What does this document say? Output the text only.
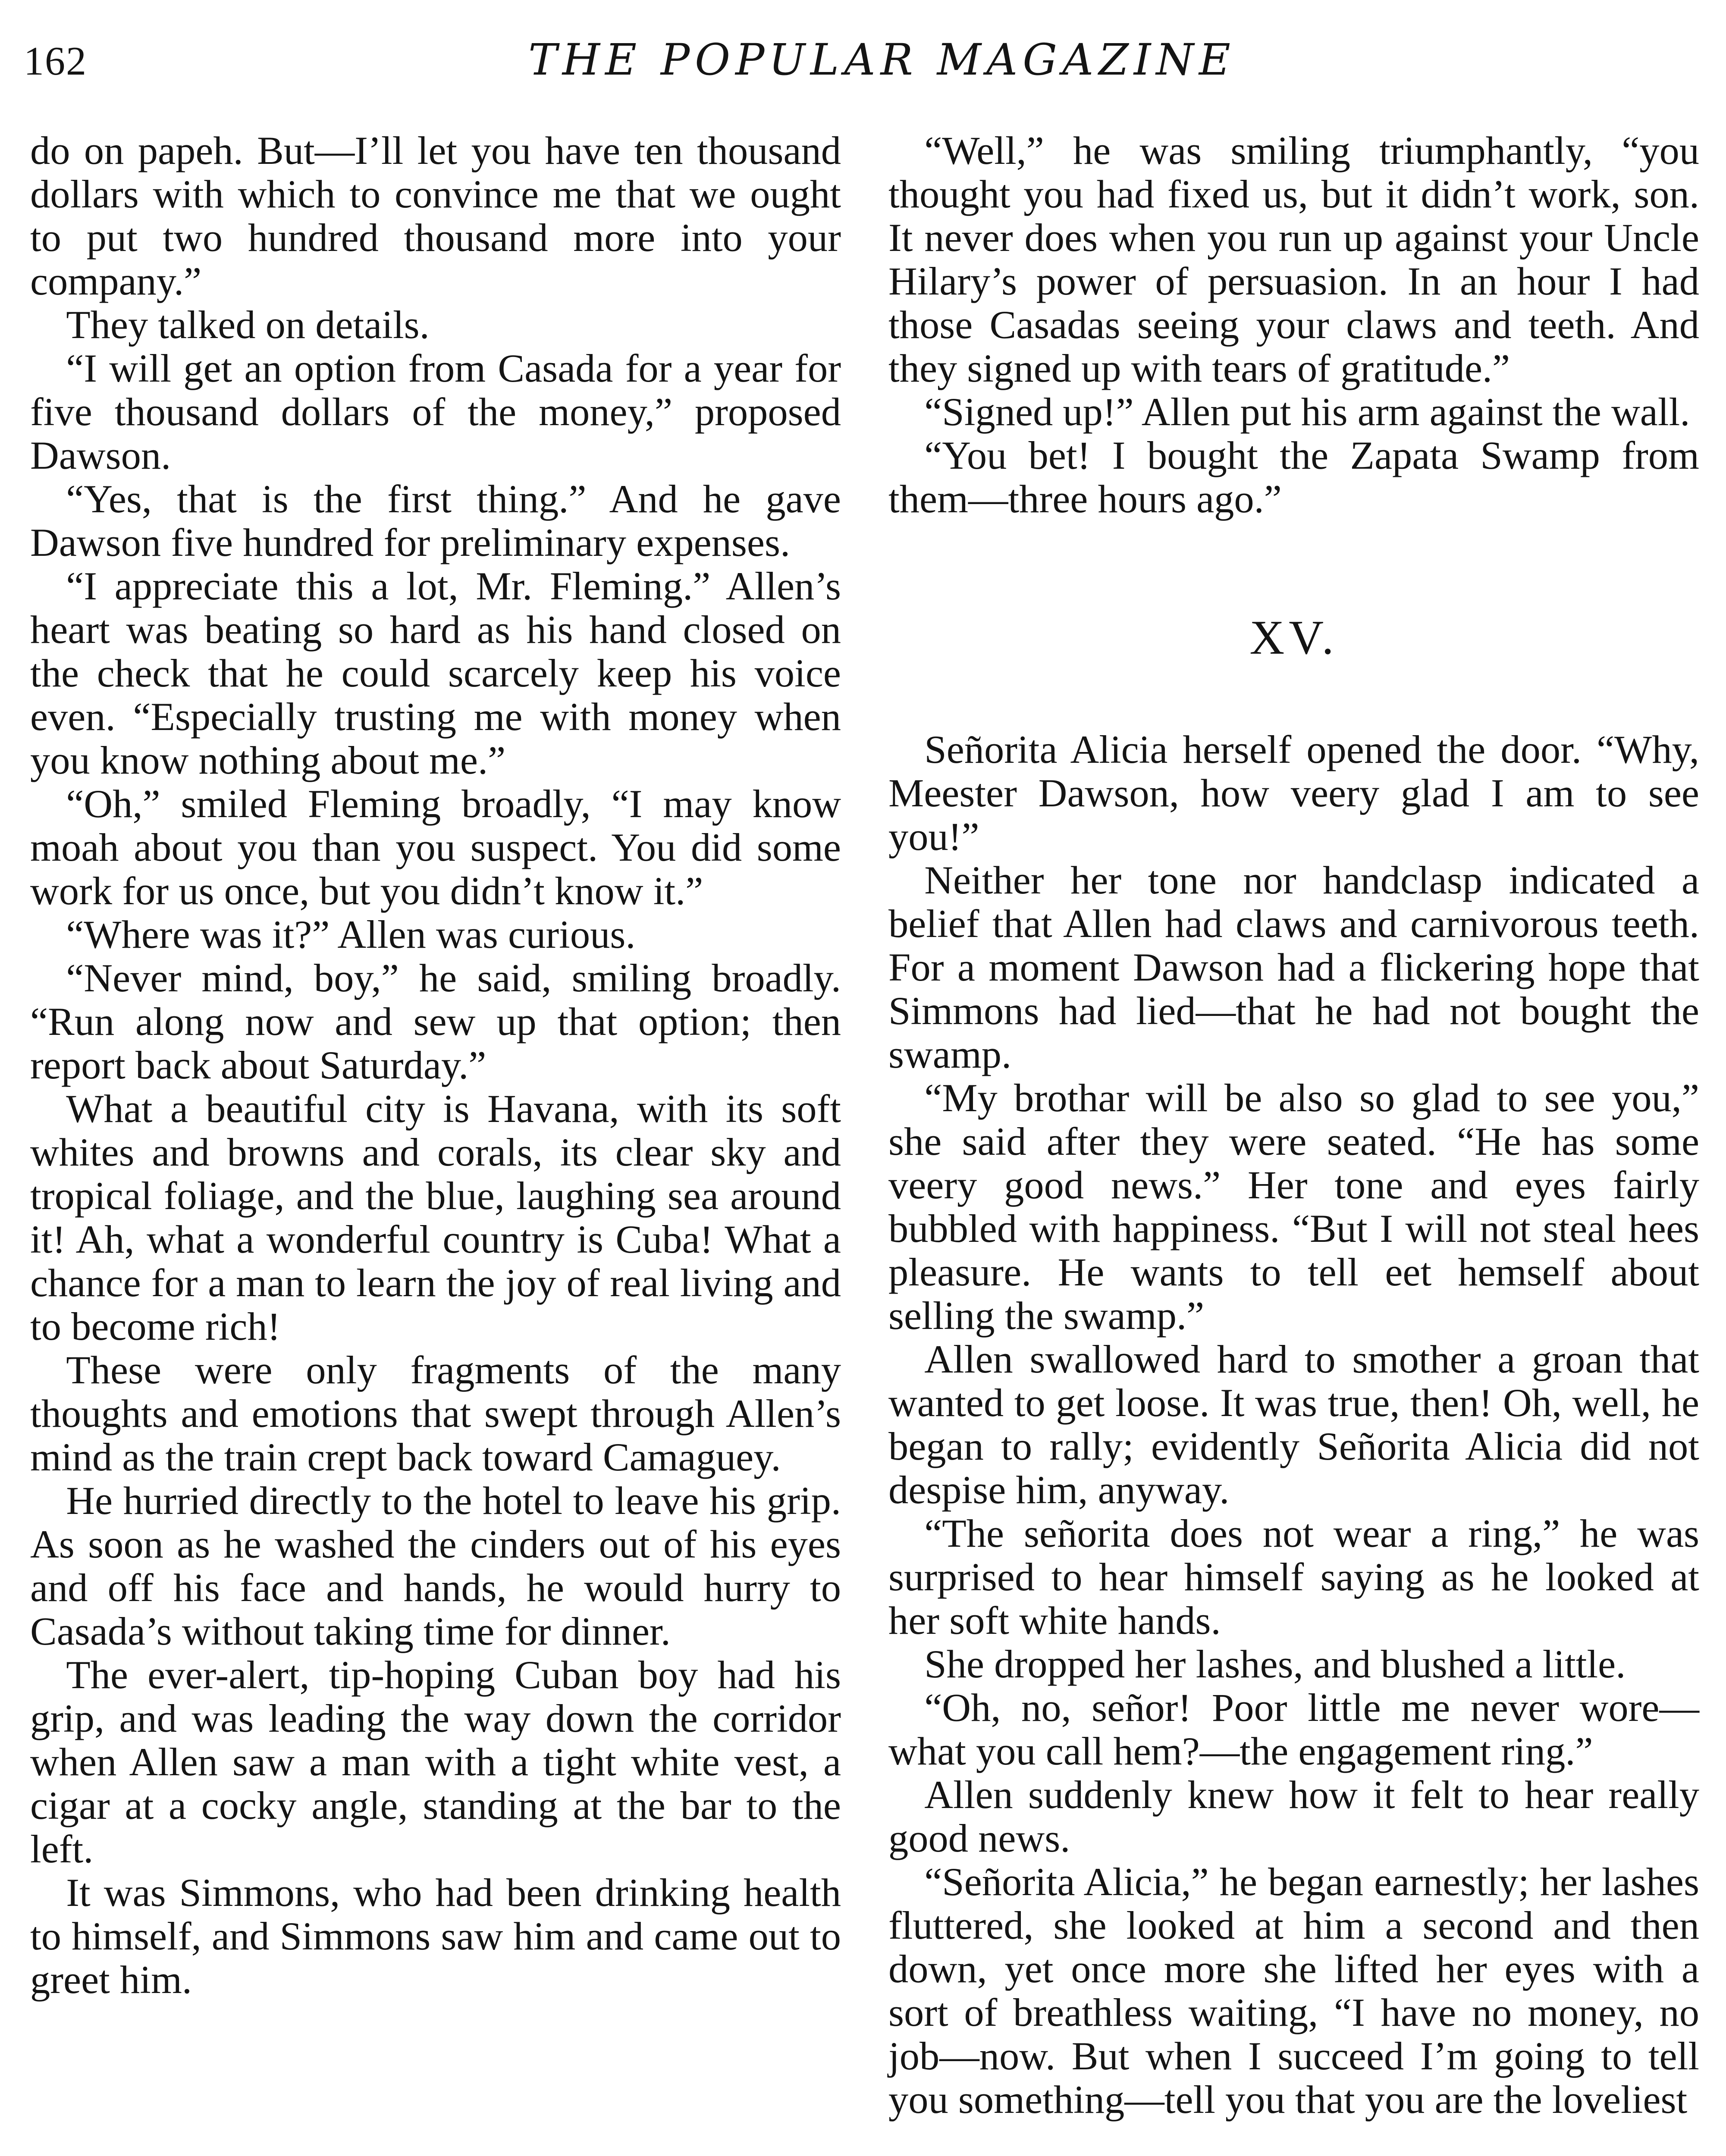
162	THE POPULAR MAGAZINE

do on papeh. But—I’ll let you have ten thousand dollars with which to convince me that we ought to put two hundred thousand more into your company.”

They talked on details.

“I will get an option from Casada for a year for five thousand dollars of the money,” proposed Dawson.

“Yes, that is the first thing.” And he gave Dawson five hundred for preliminary expenses.

“I appreciate this a lot, Mr. Fleming.” Allen’s heart was beating so hard as his hand closed on the check that he could scarcely keep his voice even. “Especially trusting me with money when you know nothing about me.”

“Oh,” smiled Fleming broadly, “I may know moah about you than you suspect. You did some work for us once, but you didn’t know it.”

“Where was it?” Allen was curious.

“Never mind, boy,” he said, smiling broadly. “Run along now and sew up that option; then report back about Saturday.”

What a beautiful city is Havana, with its soft whites and browns and corals, its clear sky and tropical foliage, and the blue, laughing sea around it! Ah, what a wonderful country is Cuba! What a chance for a man to learn the joy of real living and to become rich!

These were only fragments of the many thoughts and emotions that swept through Allen’s mind as the train crept back toward Camaguey.

He hurried directly to the hotel to leave his grip. As soon as he washed the cinders out of his eyes and off his face and hands, he would hurry to Casada’s without taking time for dinner.

The ever-alert, tip-hoping Cuban boy had his grip, and was leading the way down the corridor when Allen saw a man with a tight white vest, a cigar at a cocky angle, standing at the bar to the left.

It was Simmons, who had been drinking health to himself, and Simmons saw him and came out to greet him.

“Well,” he was smiling triumphantly, “you thought you had fixed us, but it didn’t work, son. It never does when you run up against your Uncle Hilary’s power of persuasion. In an hour I had those Casadas seeing your claws and teeth. And they signed up with tears of gratitude.”

“Signed up!” Allen put his arm against the wall.

“You bet! I bought the Zapata Swamp from them—three hours ago.”

XV.

Señorita Alicia herself opened the door. “Why, Meester Dawson, how veery glad I am to see you!”

Neither her tone nor handclasp indicated a belief that Allen had claws and carnivorous teeth. For a moment Dawson had a flickering hope that Simmons had lied—that he had not bought the swamp.

“My brothar will be also so glad to see you,” she said after they were seated. “He has some veery good news.” Her tone and eyes fairly bubbled with happiness. “But I will not steal hees pleasure. He wants to tell eet hemself about selling the swamp.”

Allen swallowed hard to smother a groan that wanted to get loose. It was true, then! Oh, well, he began to rally; evidently Señorita Alicia did not despise him, anyway.

“The señorita does not wear a ring,” he was surprised to hear himself saying as he looked at her soft white hands.

She dropped her lashes, and blushed a little.

“Oh, no, señor! Poor little me never wore—what you call hem?—the engagement ring.”

Allen suddenly knew how it felt to hear really good news.

“Señorita Alicia,” he began earnestly; her lashes fluttered, she looked at him a second and then down, yet once more she lifted her eyes with a sort of breathless waiting, “I have no money, no job—now. But when I succeed I’m going to tell you something—tell you that you are the loveliest
